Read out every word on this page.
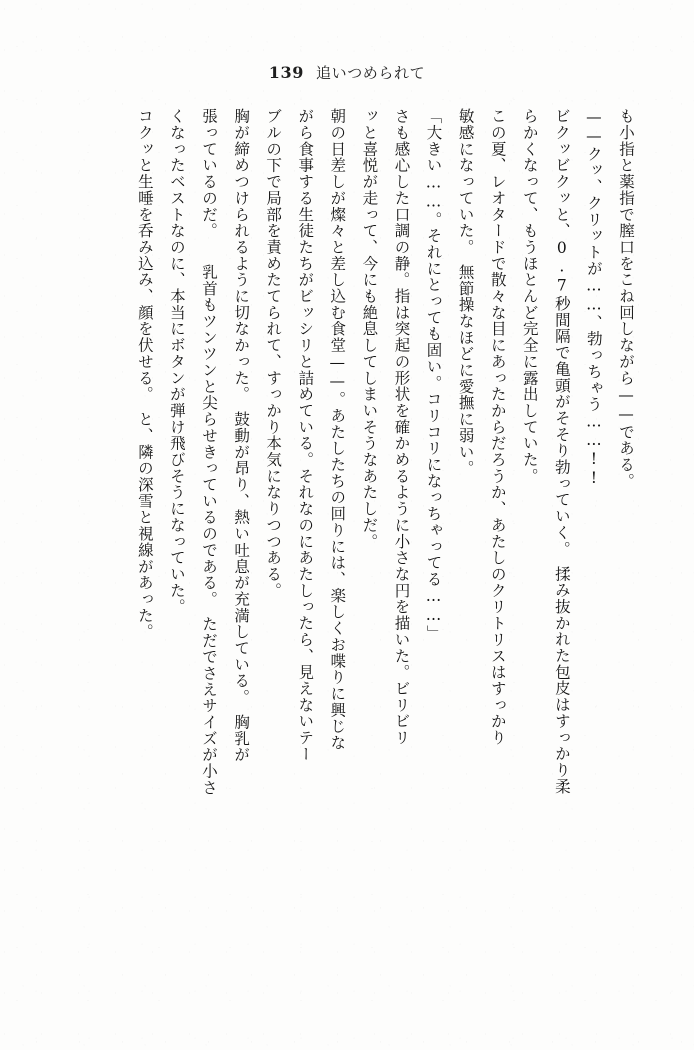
139 追いつめられて

も小指と薬指で膣口をこね回しながら——である。

——クッ、クリットが……、勃っちゃう……!!

ビクッビクッと、0.7秒間隔で亀頭がそそり勃っていく。　揉み抜かれた包皮はすっかり柔

らかくなって、もうほとんど完全に露出していた。

この夏、レオタードで散々な目にあったからだろうか、あたしのクリトリスはすっかり

敏感になっていた。　無節操なほどに愛撫に弱い。

「大きい……。それにとっても固い。コリコリになっちゃってる……」

さも感心した口調の静。指は突起の形状を確かめるように小さな円を描いた。ビリビリ

ッと喜悦が走って、今にも絶息してしまいそうなあたしだ。

朝の日差しが燦々と差し込む食堂——。あたしたちの回りには、楽しくお喋りに興じな

がら食事する生徒たちがビッシリと詰めている。それなのにあたしったら、見えないテー

ブルの下で局部を責めたてられて、すっかり本気になりつつある。

胸が締めつけられるように切なかった。　鼓動が昂り、熱い吐息が充満している。　胸乳が

張っているのだ。　　乳首もツンツンと尖らせきっているのである。　ただでさえサイズが小さ

くなったベストなのに、本当にボタンが弾け飛びそうになっていた。

コクッと生唾を呑み込み、顔を伏せる。　と、隣の深雪と視線があった。
